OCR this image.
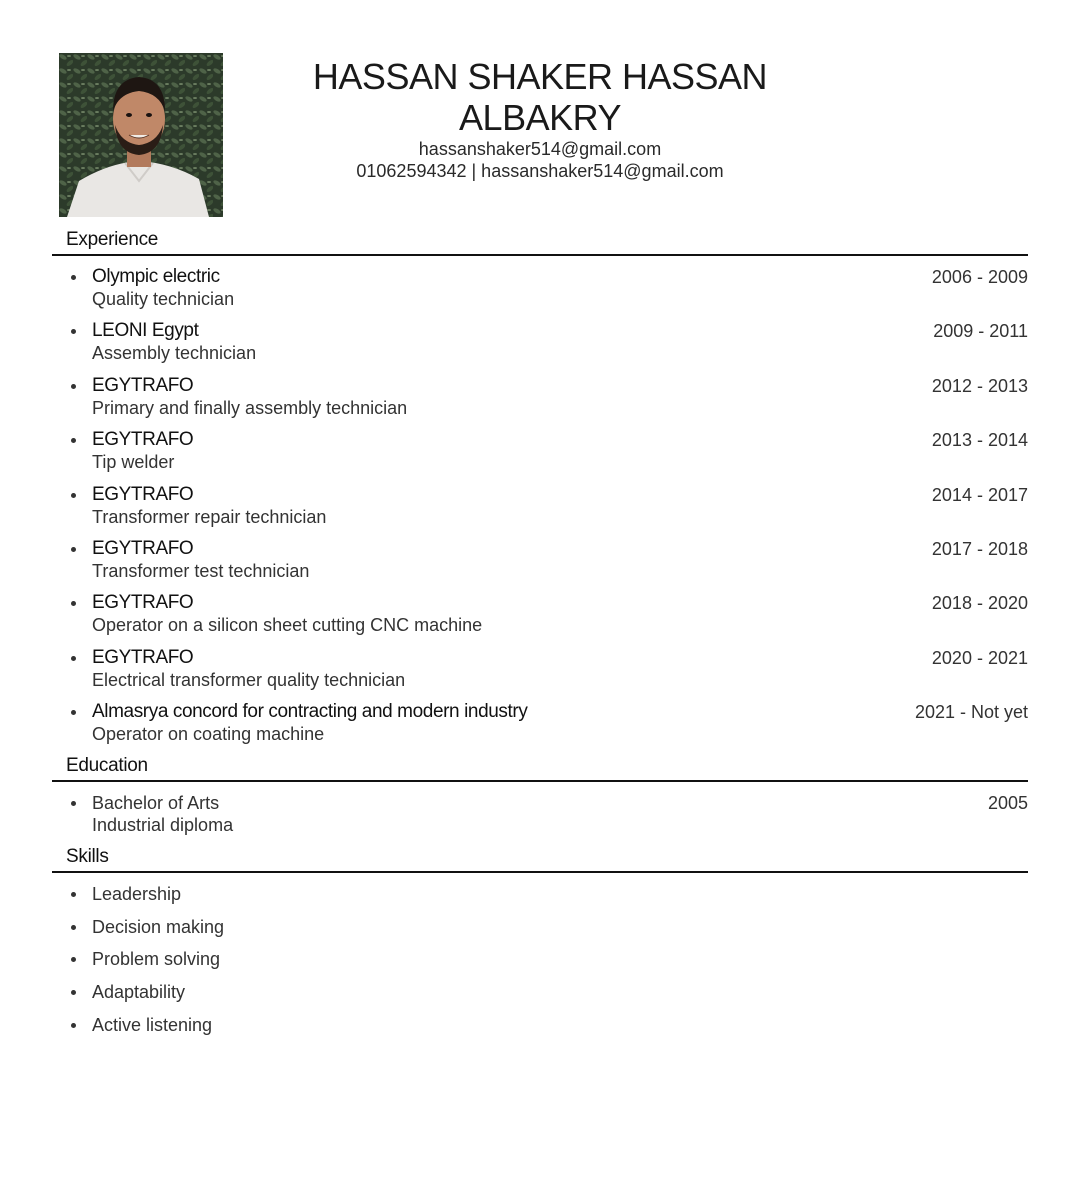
HASSAN SHAKER HASSAN
ALBAKRY
hassanshaker514@gmail.com
01062594342 | hassanshaker514@gmail.com
Experience
Olympic electric
Quality technician
2006 - 2009
LEONI Egypt
Assembly technician
2009 - 2011
EGYTRAFO
Primary and finally assembly technician
2012 - 2013
EGYTRAFO
Tip welder
2013 - 2014
EGYTRAFO
Transformer repair technician
2014 - 2017
EGYTRAFO
Transformer test technician
2017 - 2018
EGYTRAFO
Operator on a silicon sheet cutting CNC machine
2018 - 2020
EGYTRAFO
Electrical transformer quality technician
2020 - 2021
Almasrya concord for contracting and modern industry
Operator on coating machine
2021 - Not yet
Education
Bachelor of Arts
Industrial diploma
2005
Skills
Leadership
Decision making
Problem solving
Adaptability
Active listening
